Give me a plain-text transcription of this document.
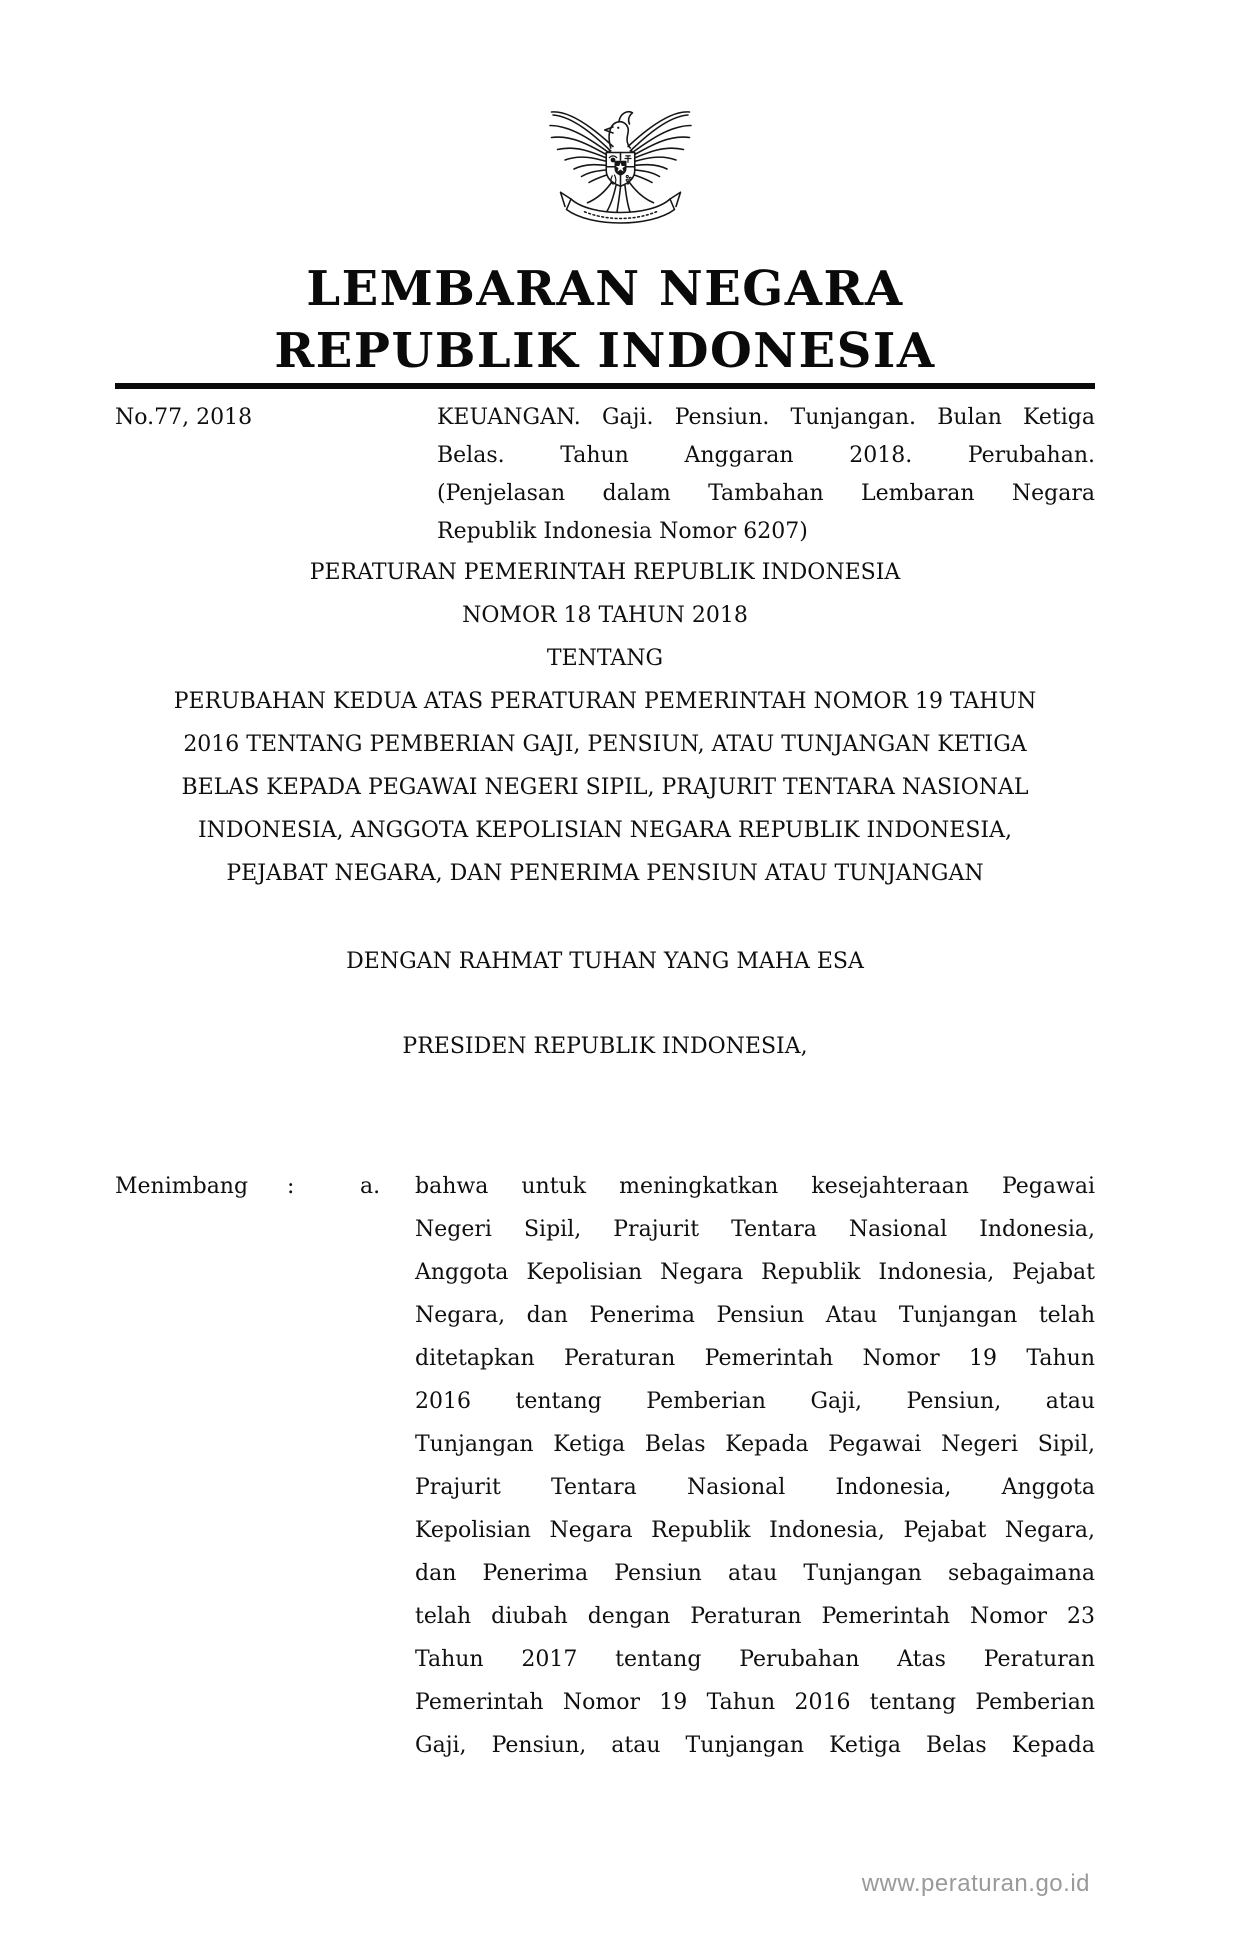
LEMBARAN NEGARA
REPUBLIK INDONESIA
No.77, 2018	KEUANGAN. Gaji. Pensiun. Tunjangan. Bulan Ketiga
Belas. Tahun Anggaran 2018. Perubahan.
(Penjelasan dalam Tambahan Lembaran Negara
Republik Indonesia Nomor 6207)
PERATURAN PEMERINTAH REPUBLIK INDONESIA
NOMOR 18 TAHUN 2018
TENTANG
PERUBAHAN KEDUA ATAS PERATURAN PEMERINTAH NOMOR 19 TAHUN
2016 TENTANG PEMBERIAN GAJI, PENSIUN, ATAU TUNJANGAN KETIGA
BELAS KEPADA PEGAWAI NEGERI SIPIL, PRAJURIT TENTARA NASIONAL
INDONESIA, ANGGOTA KEPOLISIAN NEGARA REPUBLIK INDONESIA,
PEJABAT NEGARA, DAN PENERIMA PENSIUN ATAU TUNJANGAN
DENGAN RAHMAT TUHAN YANG MAHA ESA
PRESIDEN REPUBLIK INDONESIA,
Menimbang	:	a.	bahwa untuk meningkatkan kesejahteraan Pegawai
Negeri Sipil, Prajurit Tentara Nasional Indonesia,
Anggota Kepolisian Negara Republik Indonesia, Pejabat
Negara, dan Penerima Pensiun Atau Tunjangan telah
ditetapkan Peraturan Pemerintah Nomor 19 Tahun
2016 tentang Pemberian Gaji, Pensiun, atau
Tunjangan Ketiga Belas Kepada Pegawai Negeri Sipil,
Prajurit Tentara Nasional Indonesia, Anggota
Kepolisian Negara Republik Indonesia, Pejabat Negara,
dan Penerima Pensiun atau Tunjangan sebagaimana
telah diubah dengan Peraturan Pemerintah Nomor 23
Tahun 2017 tentang Perubahan Atas Peraturan
Pemerintah Nomor 19 Tahun 2016 tentang Pemberian
Gaji, Pensiun, atau Tunjangan Ketiga Belas Kepada
www.peraturan.go.id
